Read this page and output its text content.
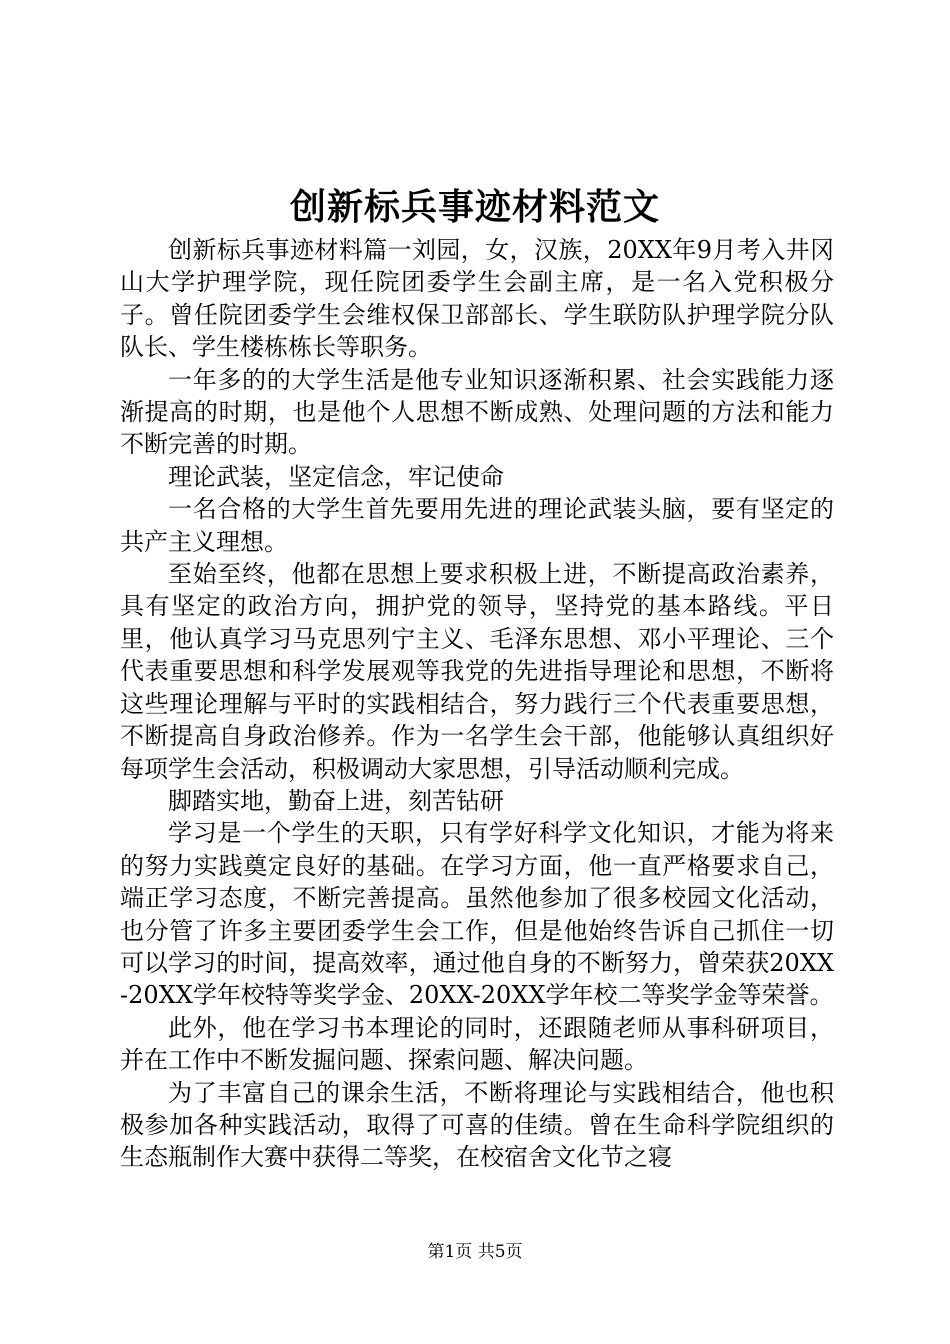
创新标兵事迹材料范文

创新标兵事迹材料篇一刘园，女，汉族，20XX年9月考入井冈山大学护理学院，现任院团委学生会副主席，是一名入党积极分子。曾任院团委学生会维权保卫部部长、学生联防队护理学院分队队长、学生楼栋栋长等职务。

一年多的的大学生活是他专业知识逐渐积累、社会实践能力逐渐提高的时期，也是他个人思想不断成熟、处理问题的方法和能力不断完善的时期。

理论武装，坚定信念，牢记使命

一名合格的大学生首先要用先进的理论武装头脑，要有坚定的共产主义理想。

至始至终，他都在思想上要求积极上进，不断提高政治素养，具有坚定的政治方向，拥护党的领导，坚持党的基本路线。平日里，他认真学习马克思列宁主义、毛泽东思想、邓小平理论、三个代表重要思想和科学发展观等我党的先进指导理论和思想，不断将这些理论理解与平时的实践相结合，努力践行三个代表重要思想，不断提高自身政治修养。作为一名学生会干部，他能够认真组织好每项学生会活动，积极调动大家思想，引导活动顺利完成。

脚踏实地，勤奋上进，刻苦钻研

学习是一个学生的天职，只有学好科学文化知识，才能为将来的努力实践奠定良好的基础。在学习方面，他一直严格要求自己，端正学习态度，不断完善提高。虽然他参加了很多校园文化活动，也分管了许多主要团委学生会工作，但是他始终告诉自己抓住一切可以学习的时间，提高效率，通过他自身的不断努力，曾荣获20XX-20XX学年校特等奖学金、20XX-20XX学年校二等奖学金等荣誉。

此外，他在学习书本理论的同时，还跟随老师从事科研项目，并在工作中不断发掘问题、探索问题、解决问题。

为了丰富自己的课余生活，不断将理论与实践相结合，他也积极参加各种实践活动，取得了可喜的佳绩。曾在生命科学院组织的生态瓶制作大赛中获得二等奖，在校宿舍文化节之寝

第1页 共5页
